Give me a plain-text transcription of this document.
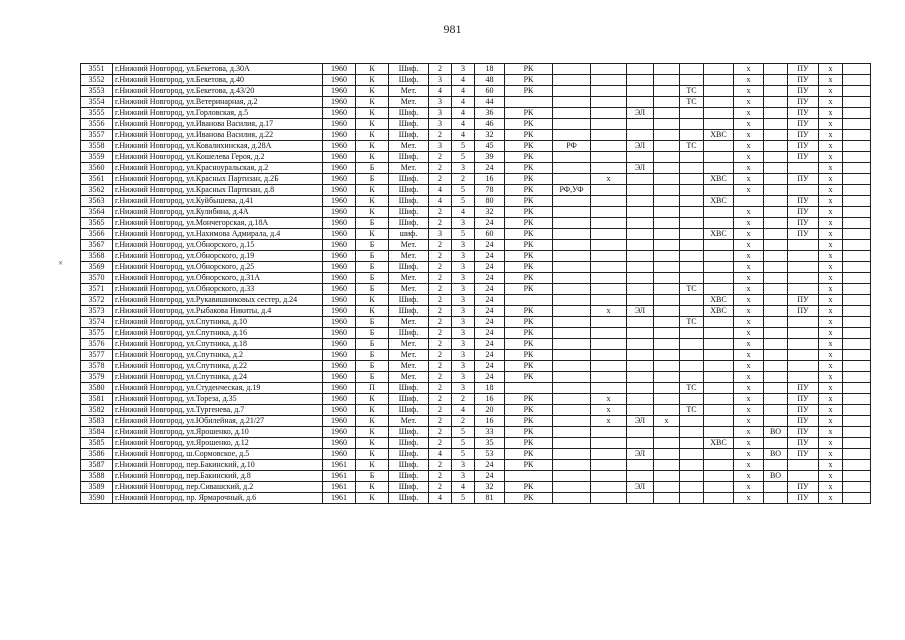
981
×
3551	г.Нижний Новгород, ул.Бекетова, д.30А	1960	К	Шиф.	2	3	18	РК							х		ПУ	х	
3552	г.Нижний Новгород, ул.Бекетова, д.40	1960	К	Шиф.	3	4	48	РК							х		ПУ	х	
3553	г.Нижний Новгород, ул.Бекетова, д.43/20	1960	К	Мет.	4	4	60	РК					ТС		х		ПУ	х	
3554	г.Нижний Новгород, ул.Ветеринарная, д.2	1960	К	Мет.	3	4	44						ТС		х		ПУ	х	
3555	г.Нижний Новгород, ул.Горловская, д.5	1960	К	Шиф.	3	4	36	РК			ЭЛ				х		ПУ	х	
3556	г.Нижний Новгород, ул.Иванова Василия, д.17	1960	К	Шиф.	3	4	46	РК							х		ПУ	х	
3557	г.Нижний Новгород, ул.Иванова Василия, д.22	1960	К	Шиф.	2	4	32	РК						ХВС	х		ПУ	х	
3558	г.Нижний Новгород, ул.Ковалихинская, д.28А	1960	К	Мет.	3	5	45	РК	РФ		ЭЛ		ТС		х		ПУ	х	
3559	г.Нижний Новгород, ул.Кошелева Героя, д.2	1960	К	Шиф.	2	5	39	РК							х		ПУ	х	
3560	г.Нижний Новгород, ул.Красноуральская, д.2	1960	Б	Мет.	2	3	24	РК			ЭЛ				х			х	
3561	г.Нижний Новгород, ул.Красных Партизан, д.2Б	1960	Б	Шиф.	2	2	16	РК		х				ХВС	х		ПУ	х	
3562	г.Нижний Новгород, ул.Красных Партизан, д.8	1960	К	Шиф.	4	5	78	РК	РФ,УФ						х			х	
3563	г.Нижний Новгород, ул.Куйбышева, д.41	1960	К	Шиф.	4	5	80	РК						ХВС			ПУ	х	
3564	г.Нижний Новгород, ул.Кулибина, д.4А	1960	К	Шиф.	2	4	32	РК							х		ПУ	х	
3565	г.Нижний Новгород, ул.Мончегорская, д.18А	1960	Б	Шиф.	2	3	24	РК							х		ПУ	х	
3566	г.Нижний Новгород, ул.Нахимова Адмирала, д.4	1960	К	шиф.	3	5	60	РК						ХВС	х		ПУ	х	
3567	г.Нижний Новгород, ул.Обнорского, д.15	1960	Б	Мет.	2	3	24	РК							х			х	
3568	г.Нижний Новгород, ул.Обнорского, д.19	1960	Б	Мет.	2	3	24	РК							х			х	
3569	г.Нижний Новгород, ул.Обнорского, д.25	1960	Б	Шиф.	2	3	24	РК							х			х	
3570	г.Нижний Новгород, ул.Обнорского, д.31А	1960	Б	Мет.	2	3	24	РК							х			х	
3571	г.Нижний Новгород, ул.Обнорского, д.33	1960	Б	Мет.	2	3	24	РК					ТС		х			х	
3572	г.Нижний Новгород, ул.Рукавишниковых сестер, д.24	1960	К	Шиф.	2	3	24							ХВС	х		ПУ	х	
3573	г.Нижний Новгород, ул.Рыбакова Никиты, д.4	1960	К	Шиф.	2	3	24	РК		х	ЭЛ			ХВС	х		ПУ	х	
3574	г.Нижний Новгород, ул.Спутника, д.10	1960	Б	Мет.	2	3	24	РК					ТС		х			х	
3575	г.Нижний Новгород, ул.Спутника, д.16	1960	Б	Шиф.	2	3	24	РК							х			х	
3576	г.Нижний Новгород, ул.Спутника, д.18	1960	Б	Мет.	2	3	24	РК							х			х	
3577	г.Нижний Новгород, ул.Спутника, д.2	1960	Б	Мет.	2	3	24	РК							х			х	
3578	г.Нижний Новгород, ул.Спутника, д.22	1960	Б	Мет.	2	3	24	РК							х			х	
3579	г.Нижний Новгород, ул.Спутника, д.24	1960	Б	Мет.	2	3	24	РК							х			х	
3580	г.Нижний Новгород, ул.Студенческая, д.19	1960	П	Шиф.	2	3	18						ТС		х		ПУ	х	
3581	г.Нижний Новгород, ул.Тореза, д.35	1960	К	Шиф.	2	2	16	РК		х					х		ПУ	х	
3582	г.Нижний Новгород, ул.Тургенева, д.7	1960	К	Шиф.	2	4	20	РК		х			ТС		х		ПУ	х	
3583	г.Нижний Новгород, ул.Юбилейная, д.21/27	1960	К	Мет.	2	2	16	РК		х	ЭЛ	х			х		ПУ	х	
3584	г.Нижний Новгород, ул.Ярошенко, д.10	1960	К	Шиф.	2	5	33	РК							х	ВО	ПУ	х	
3585	г.Нижний Новгород, ул.Ярошенко, д.12	1960	К	Шиф.	2	5	35	РК						ХВС	х		ПУ	х	
3586	г.Нижний Новгород, ш.Сормовское, д.5	1960	К	Шиф.	4	5	53	РК			ЭЛ				х	ВО	ПУ	х	
3587	г.Нижний Новгород, пер.Бакинский, д.10	1961	К	Шиф.	2	3	24	РК							х			х	
3588	г.Нижний Новгород, пер.Бакинский, д.8	1961	Б	Шиф.	2	3	24								х	ВО		х	
3589	г.Нижний Новгород, пер.Сивашский, д.2	1961	К	Шиф.	2	4	32	РК			ЭЛ				х		ПУ	х	
3590	г.Нижний Новгород, пр. Ярмарочный, д.6	1961	К	Шиф.	4	5	81	РК							х		ПУ	х	
